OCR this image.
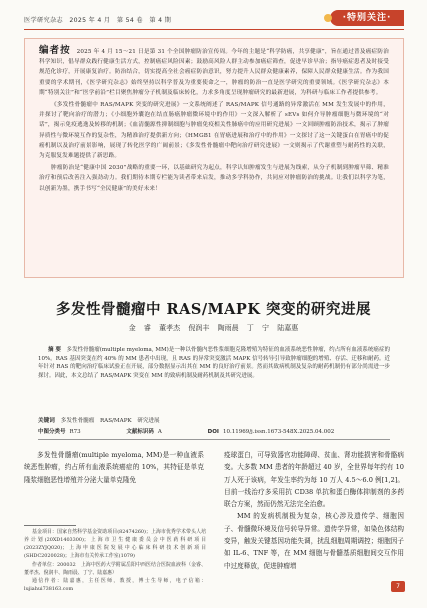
医学研究杂志　2025 年 4 月　第 54 卷　第 4 期	·特别关注·

编者按 2025 年 4 月 15～21 日是第 31 个全国肿瘤防治宣传周。今年的主题是“科学防癌，共享健康”，旨在通过普及癌症防治科学知识，倡导群众践行健康生活方式，控制癌症风险因素；鼓励高风险人群主动参加癌症筛查，促进早诊早治；指导癌症患者及时接受规范化诊疗，开展康复治疗。防治结合，切实提高全社会癌症防治意识，努力提升人民群众健康素养，保障人民群众健康生活。作为我国重要的学术期刊，《医学研究杂志》始终坚持以科学普及为重要使命之一，肿瘤的防治一直是医学研究的重要领域。《医学研究杂志》本期“特别关注”和“医学前沿”栏目聚焦肿瘤分子机制及临床转化，力求多角度呈现肿瘤研究的最新进展，为科研与临床工作者提供参考。

《多发性骨髓瘤中 RAS/MAPK 突变的研究进展》一文系统阐述了 RAS/MAPK 信号通路的异常激活在 MM 发生发展中的作用，并探讨了靶向治疗的潜力；《小细胞外囊泡在结直肠癌肿瘤微环境中的作用》一文深入解析了 sEVs 如何介导肿瘤细胞与微环境的“对话”，揭示免疫逃逸及转移的机制；《血清髓源性抑制细胞与肿瘤免疫相关性肺癌中的应用研究进展》一文回顾肿瘤防治技术，揭示了肿瘤异质性与微环境互作的复杂性，为精准治疗提供新方向；《HMGB1 在胃癌进展和治疗中的作用》一文探讨了这一关键蛋白在胃癌中的促癌机制以及治疗前景影响，展现了转化医学的广阔前景；《多发性骨髓瘤中靶向治疗研究进展》一文则揭示了代谢重塑与耐药性的关联，为克服复发难题提供了新思路。

肿瘤防治是“健康中国 2030”战略的重要一环，以基础研究为起点，科学认知肿瘤发生与进展为线索，从分子机制到肿瘤早筛、精准治疗和预后改善注入强劲动力。我们期待本期专栏能为读者带来启发，推动多学科协作，共同应对肿瘤防治的挑战。让我们以科学为笔，以创新为墨，携手书写“全民健康”的美好未来！

多发性骨髓瘤中 RAS/MAPK 突变的研究进展
金 睿 董孝杰 倪润丰 陶雨晨 丁 宁 陆嘉惠

摘 要　 多发性骨髓瘤(multiple myeloma, MM)是一种以骨髓内恶性浆细胞克隆增殖为特征的血液系统恶性肿瘤，约占所有血液系统癌症的 10%。RAS 基因突变在约 40% 的 MM 患者中出现，且 RAS 的异常突变激活 MAPK 信号转导引导致肿瘤细胞的增殖、存活、迁移和耐药。近年针对 RAS 的靶向治疗临床试验正在开展，部分数据显示出其在 MM 的良好治疗前景。然而其致病机制及复杂的耐药机制仍有部分尚需进一步探讨。因此，本文总结了 RAS/MAPK 突变在 MM 的致病机制及耐药机制及其研究进展。

关键词 多发性骨髓瘤　RAS/MAPK　研究进展
中图分类号 R73	文献标识码 A	DOI 10.11969/j.issn.1673-548X.2025.04.002

多发性骨髓瘤(multiple myeloma, MM)是一种血液系统恶性肿瘤，约占所有血液系统癌症的 10%，其特征是单克隆浆细胞恶性增殖并分泌大量单克隆免

疫球蛋白，可导致器官功能障碍、贫血、肾功能损害和骨骼病变。大多数 MM 患者的年龄超过 40 岁，全世界每年约有 10 万人死于该病，年发生率约为每 10 万人 4.5～6.0 例[1,2]。目前一线治疗多采用抗 CD38 单抗和蛋白酶体抑制剂的多药联合方案，然而仍然无法完全治愈。

MM 的发病机制极为复杂，核心涉及遗传学、细胞因子、骨髓微环境及信号转导异常。遗传学异常，如染色体结构变异，触发关键基因功能失调，扰乱细胞周期调控；细胞因子如 IL-6、TNF 等，在 MM 细胞与骨髓基质细胞间交互作用中过度释放，促进肿瘤增

基金项目：国家自然科学基金资助项目(82474260)；上海市优秀学术带头人培养计划(20XD1403300)；上海市卫生健康委员会中医药科研项目(2023ZYJQ020)；上海申康医院发展中心临床科研技术创新项目(SHDC2020028)；上海市有关传承工作室(1079)

作者单位：200032　上海中医药大学附属岳阳中西医结合医院血液科（金睿、董孝杰、倪润丰、陶雨晨、丁宁、陆嘉惠）

通信作者：陆嘉惠，主任医师，教授，博士生导师，电子信箱：lujiahui738163.com	7
